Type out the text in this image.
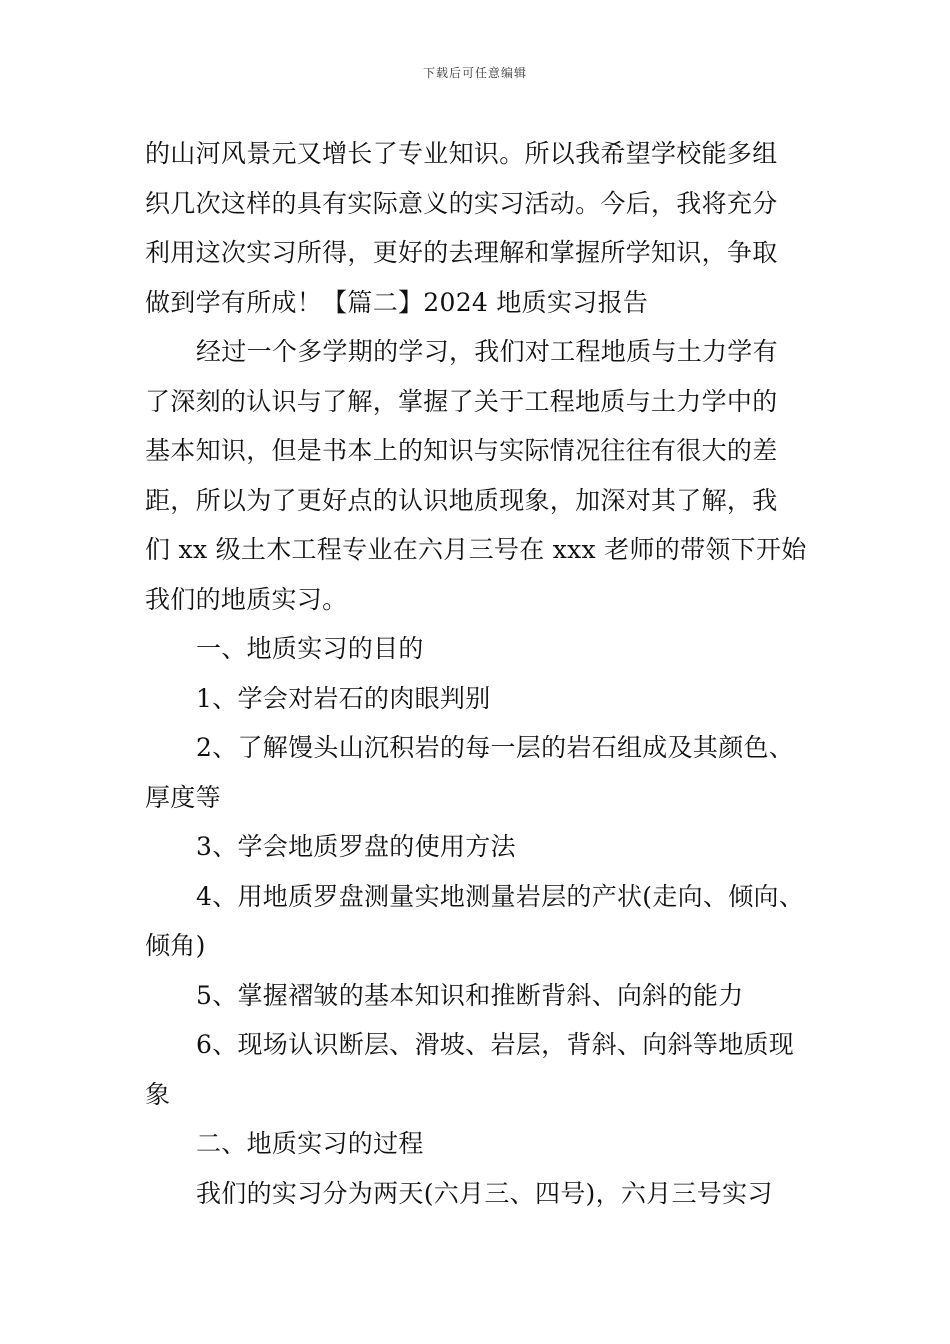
下载后可任意编辑
的山河风景元又增长了专业知识。所以我希望学校能多组
织几次这样的具有实际意义的实习活动。今后，我将充分
利用这次实习所得，更好的去理解和掌握所学知识，争取
做到学有所成！【篇二】2024 地质实习报告
经过一个多学期的学习，我们对工程地质与土力学有
了深刻的认识与了解，掌握了关于工程地质与土力学中的
基本知识，但是书本上的知识与实际情况往往有很大的差
距，所以为了更好点的认识地质现象，加深对其了解，我
们 xx 级土木工程专业在六月三号在 xxx 老师的带领下开始
我们的地质实习。
一、地质实习的目的
1、学会对岩石的肉眼判别
2、了解馒头山沉积岩的每一层的岩石组成及其颜色、
厚度等
3、学会地质罗盘的使用方法
4、用地质罗盘测量实地测量岩层的产状(走向、倾向、
倾角)
5、掌握褶皱的基本知识和推断背斜、向斜的能力
6、现场认识断层、滑坡、岩层，背斜、向斜等地质现
象
二、地质实习的过程
我们的实习分为两天(六月三、四号)，六月三号实习
